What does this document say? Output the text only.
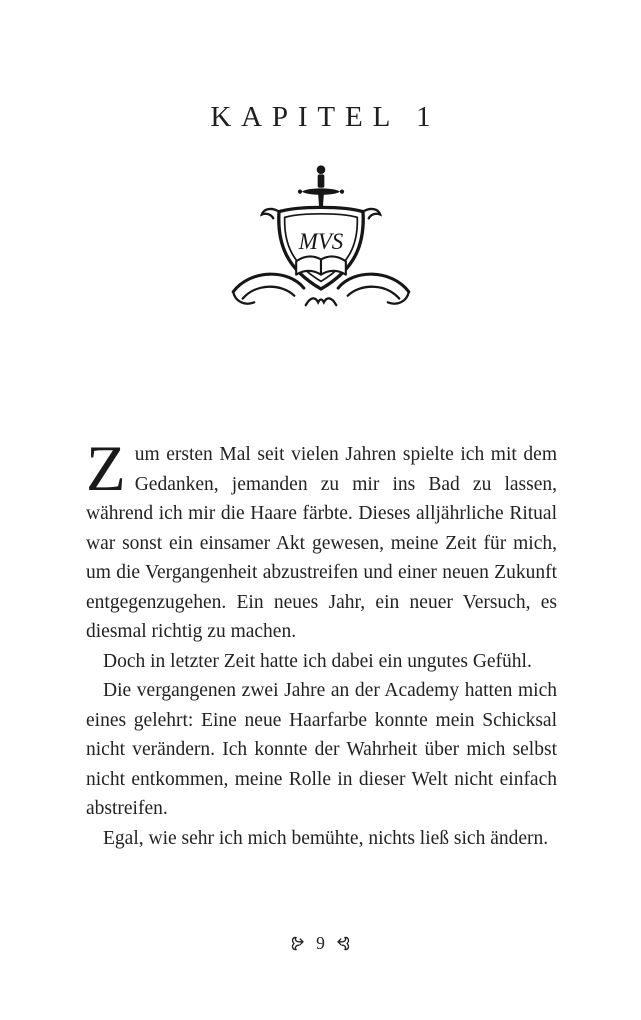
KAPITEL 1
MVS

Zum ersten Mal seit vielen Jahren spielte ich mit dem Gedanken, jemanden zu mir ins Bad zu lassen, während ich mir die Haare färbte. Dieses alljährliche Ritual war sonst ein einsamer Akt gewesen, meine Zeit für mich, um die Vergangenheit abzustreifen und einer neuen Zukunft entgegenzugehen. Ein neues Jahr, ein neuer Versuch, es diesmal richtig zu machen.

Doch in letzter Zeit hatte ich dabei ein ungutes Gefühl.

Die vergangenen zwei Jahre an der Academy hatten mich eines gelehrt: Eine neue Haarfarbe konnte mein Schicksal nicht verändern. Ich konnte der Wahrheit über mich selbst nicht entkommen, meine Rolle in dieser Welt nicht einfach abstreifen.

Egal, wie sehr ich mich bemühte, nichts ließ sich ändern.

9
